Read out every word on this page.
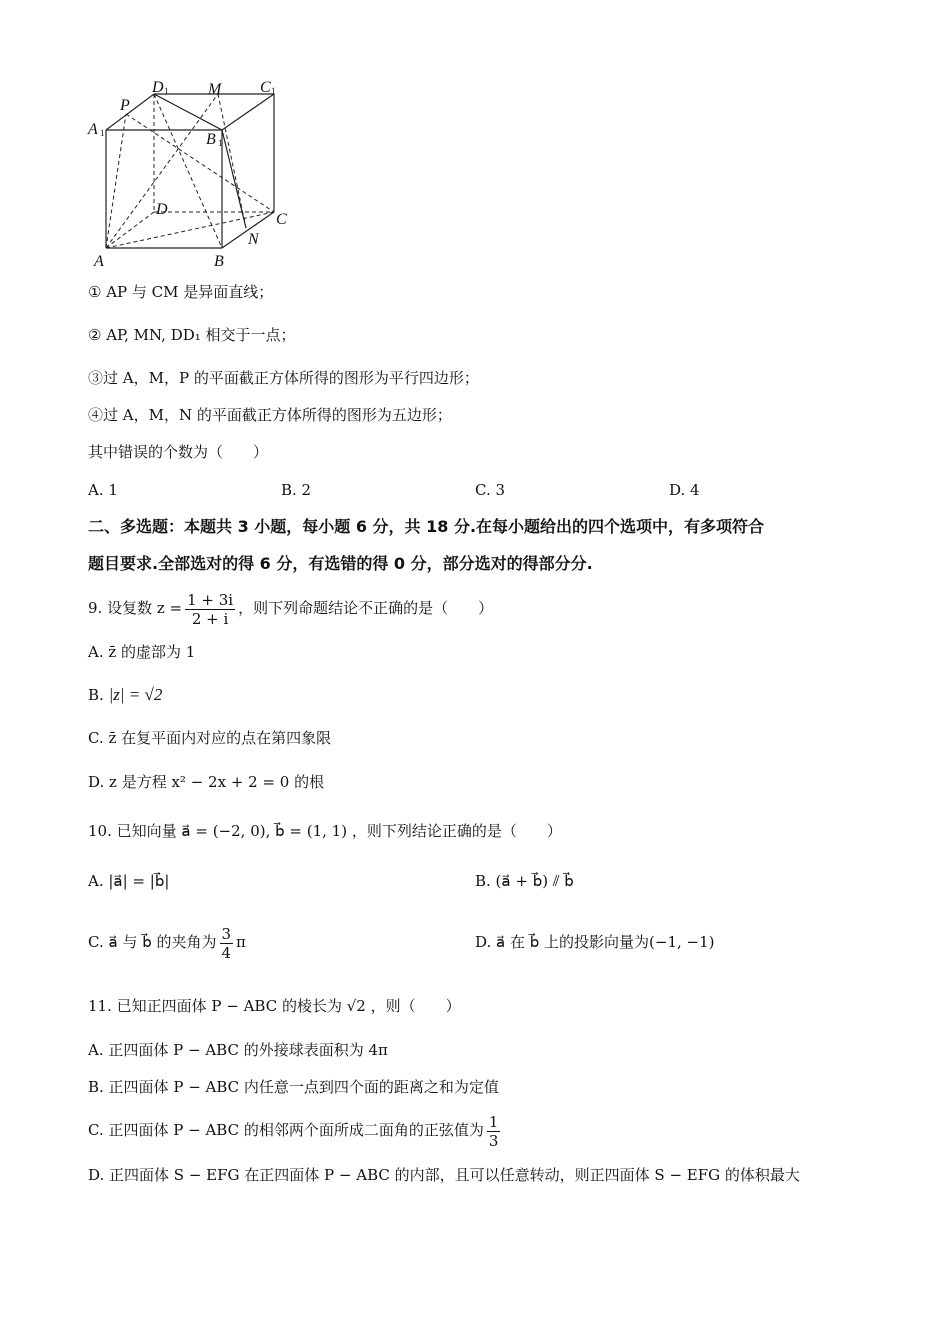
A	B
C
D
A
B
C
D
P
M
N
1
1
1
1
① AP 与 CM 是异面直线；
② AP, MN, DD₁ 相交于一点；
③过 A，M，P 的平面截正方体所得的图形为平行四边形；
④过 A，M，N 的平面截正方体所得的图形为五边形；
其中错误的个数为（　　）
A. 1	B. 2	C. 3	D. 4
二、多选题：本题共 3 小题，每小题 6 分，共 18 分.在每小题给出的四个选项中，有多项符合
题目要求.全部选对的得 6 分，有选错的得 0 分，部分选对的得部分分.
9. 设复数 $z = \frac{1 + 3i}{2 + i}$ ，则下列命题结论不正确的是（　　）
A. z̄ 的虚部为 1
B. |z| = √2
C. z̄ 在复平面内对应的点在第四象限
D. z 是方程 x² − 2x + 2 = 0 的根
10. 已知向量 a⃗ = (−2, 0), b⃗ = (1, 1) ，则下列结论正确的是（　　）
A. |a⃗| = |b⃗|	B. (a⃗ + b⃗) ⫽ b⃗
C. a⃗ 与 b⃗ 的夹角为 $\frac{3}{4}$ π	D. a⃗ 在 b⃗ 上的投影向量为(−1, −1)
11. 已知正四面体 P − ABC 的棱长为 √2 ，则（　　）
A. 正四面体 P − ABC 的外接球表面积为 4π
B. 正四面体 P − ABC 内任意一点到四个面的距离之和为定值
C. 正四面体 P − ABC 的相邻两个面所成二面角的正弦值为 $\frac{1}{3}$
D. 正四面体 S − EFG 在正四面体 P − ABC 的内部，且可以任意转动，则正四面体 S − EFG 的体积最大
